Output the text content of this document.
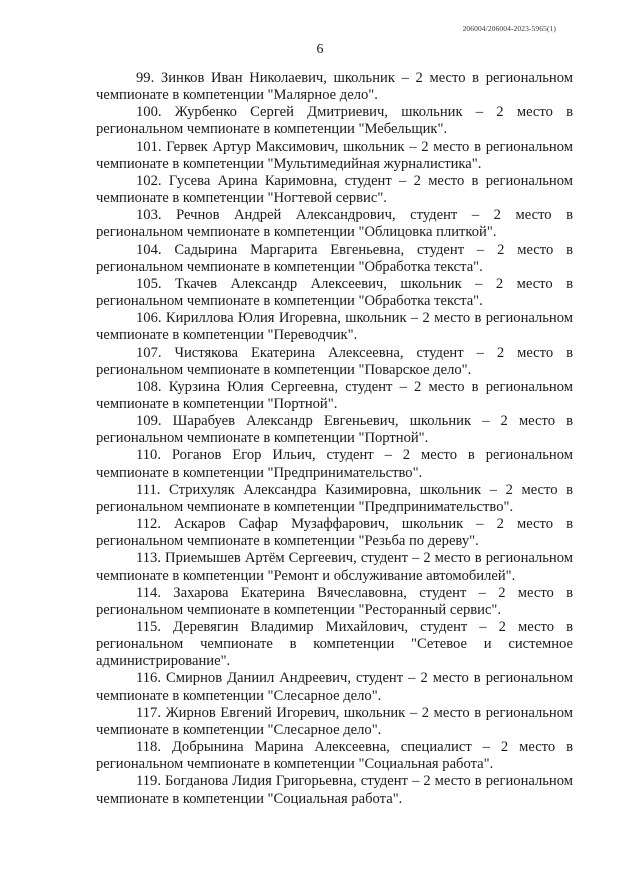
206004/206004-2023-5965(1)
6

99. Зинков Иван Николаевич, школьник – 2 место в региональном чемпионате в компетенции "Малярное дело".

100. Журбенко Сергей Дмитриевич, школьник – 2 место в региональном чемпионате в компетенции "Мебельщик".

101. Гервек Артур Максимович, школьник – 2 место в региональном чемпионате в компетенции "Мультимедийная журналистика".

102. Гусева Арина Каримовна, студент – 2 место в региональном чемпионате в компетенции "Ногтевой сервис".

103. Речнов Андрей Александрович, студент – 2 место в региональном чемпионате в компетенции "Облицовка плиткой".

104. Садырина Маргарита Евгеньевна, студент – 2 место в региональном чемпионате в компетенции "Обработка текста".

105. Ткачев Александр Алексеевич, школьник – 2 место в региональном чемпионате в компетенции "Обработка текста".

106. Кириллова Юлия Игоревна, школьник – 2 место в региональном чемпионате в компетенции "Переводчик".

107. Чистякова Екатерина Алексеевна, студент – 2 место в региональном чемпионате в компетенции "Поварское дело".

108. Курзина Юлия Сергеевна, студент – 2 место в региональном чемпионате в компетенции "Портной".

109. Шарабуев Александр Евгеньевич, школьник – 2 место в региональном чемпионате в компетенции "Портной".

110. Роганов Егор Ильич, студент – 2 место в региональном чемпионате в компетенции "Предпринимательство".

111. Стрихуляк Александра Казимировна, школьник – 2 место в региональном чемпионате в компетенции "Предпринимательство".

112. Аскаров Сафар Музаффарович, школьник – 2 место в региональном чемпионате в компетенции "Резьба по дереву".

113. Приемышев Артём Сергеевич, студент – 2 место в региональном чемпионате в компетенции "Ремонт и обслуживание автомобилей".

114. Захарова Екатерина Вячеславовна, студент – 2 место в региональном чемпионате в компетенции "Ресторанный сервис".

115. Деревягин Владимир Михайлович, студент – 2 место в региональном чемпионате в компетенции "Сетевое и системное администрирование".

116. Смирнов Даниил Андреевич, студент – 2 место в региональном чемпионате в компетенции "Слесарное дело".

117. Жирнов Евгений Игоревич, школьник – 2 место в региональном чемпионате в компетенции "Слесарное дело".

118. Добрынина Марина Алексеевна, специалист – 2 место в региональном чемпионате в компетенции "Социальная работа".

119. Богданова Лидия Григорьевна, студент – 2 место в региональном чемпионате в компетенции "Социальная работа".
